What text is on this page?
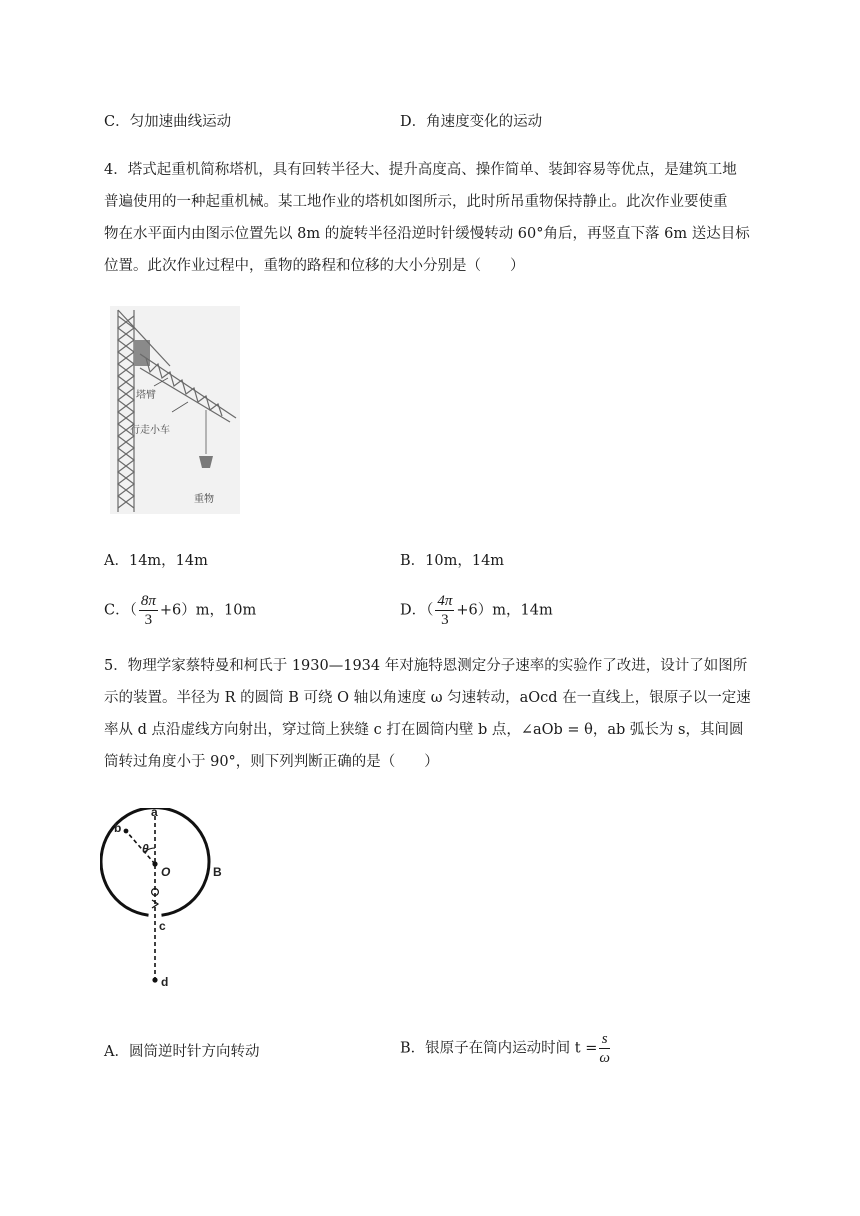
C．匀加速曲线运动	D．角速度变化的运动
4．塔式起重机简称塔机，具有回转半径大、提升高度高、操作简单、装卸容易等优点，是建筑工地
普遍使用的一种起重机械。某工地作业的塔机如图所示，此时所吊重物保持静止。此次作业要使重
物在水平面内由图示位置先以 8m 的旋转半径沿逆时针缓慢转动 60°角后，再竖直下落 6m 送达目标
位置。此次作业过程中，重物的路程和位移的大小分别是（　　）
塔臂
行走小车
重物
A．14m，14m	B．10m，14m
C．（ $\frac{8\pi}{3} +6)m$，10m	D．（ $\frac{4\pi}{3} +6)m$，14m
5．物理学家蔡特曼和柯氏于 1930—1934 年对施特恩测定分子速率的实验作了改进，设计了如图所
示的装置。半径为 R 的圆筒 B 可绕 O 轴以角速度 ω 匀速转动，aOcd 在一直线上，银原子以一定速
率从 d 点沿虚线方向射出，穿过筒上狭缝 c 打在圆筒内壁 b 点，∠aOb = θ，ab 弧长为 s，其间圆
筒转过角度小于 90°，则下列判断正确的是（　　）
a
b
θ
O	B
c
d
A．圆筒逆时针方向转动	B．银原子在筒内运动时间 $t = \frac{s}{\omega}$
